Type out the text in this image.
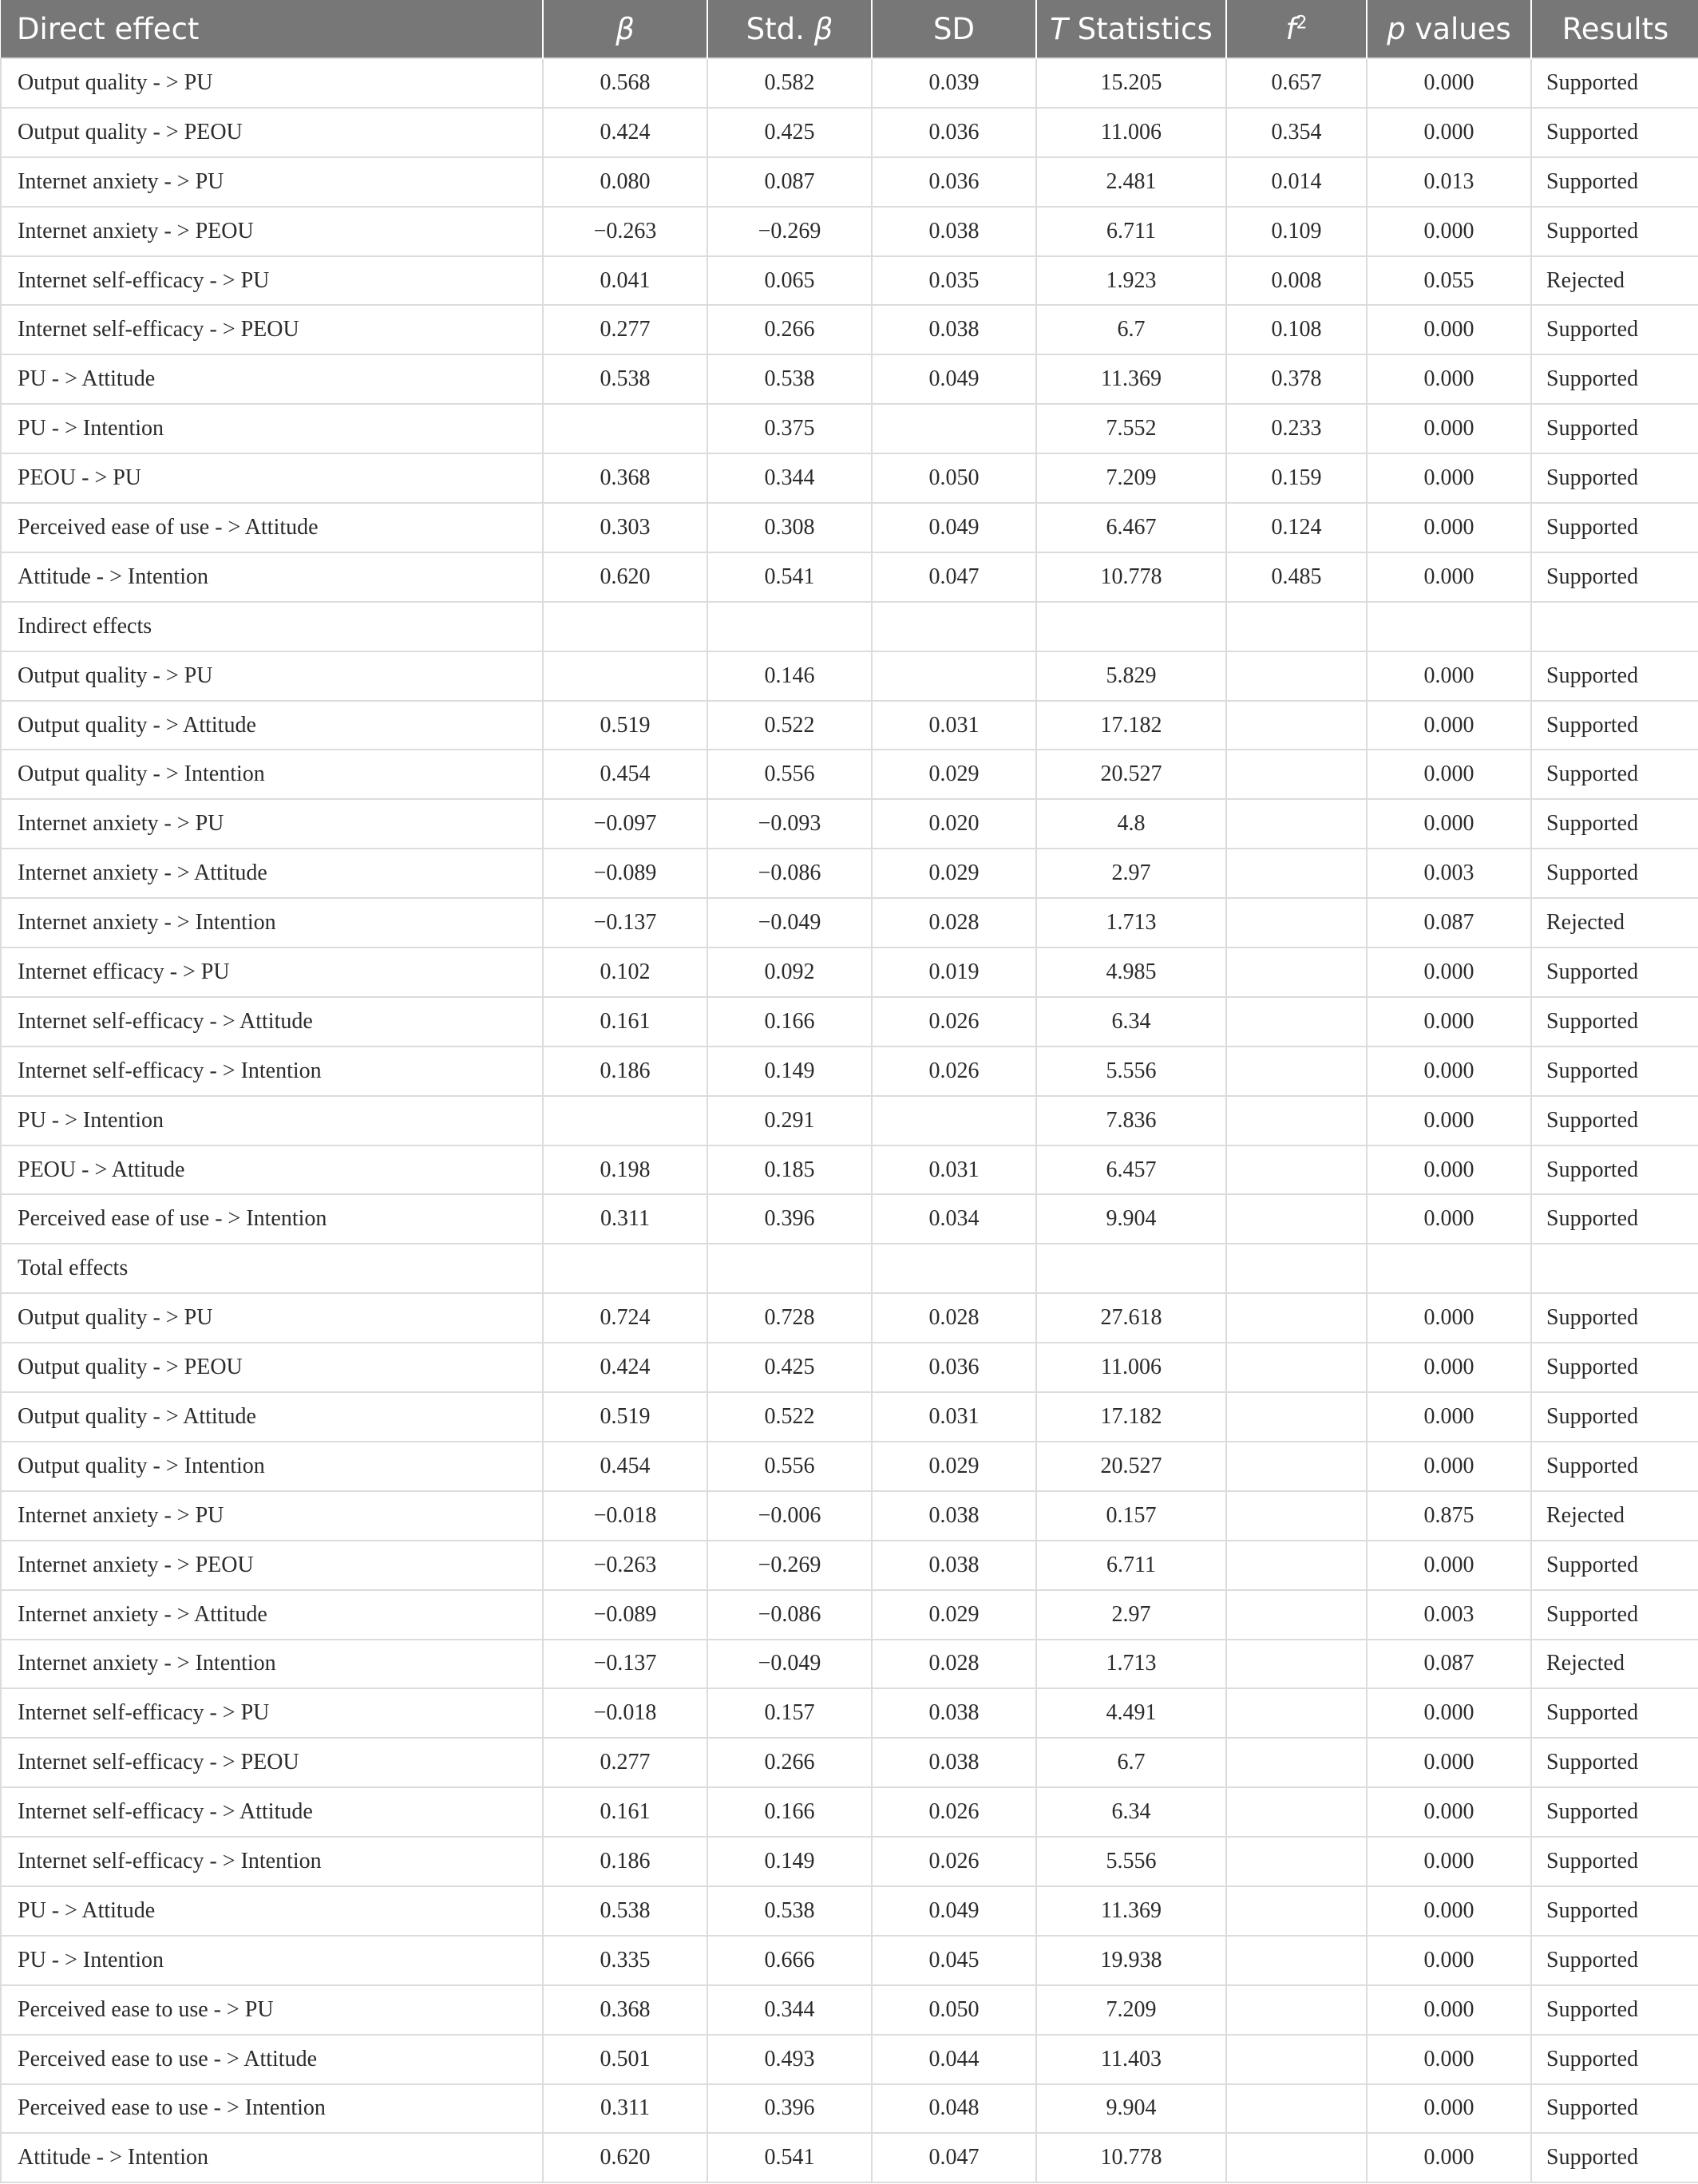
Direct effect	β	Std. β	SD	T Statistics	$f^2$	p values	Results
Output quality - > PU	0.568	0.582	0.039	15.205	0.657	0.000	Supported
Output quality - > PEOU	0.424	0.425	0.036	11.006	0.354	0.000	Supported
Internet anxiety - > PU	0.080	0.087	0.036	2.481	0.014	0.013	Supported
Internet anxiety - > PEOU	−0.263	−0.269	0.038	6.711	0.109	0.000	Supported
Internet self-efficacy - > PU	0.041	0.065	0.035	1.923	0.008	0.055	Rejected
Internet self-efficacy - > PEOU	0.277	0.266	0.038	6.7	0.108	0.000	Supported
PU - > Attitude	0.538	0.538	0.049	11.369	0.378	0.000	Supported
PU - > Intention		0.375		7.552	0.233	0.000	Supported
PEOU - > PU	0.368	0.344	0.050	7.209	0.159	0.000	Supported
Perceived ease of use - > Attitude	0.303	0.308	0.049	6.467	0.124	0.000	Supported
Attitude - > Intention	0.620	0.541	0.047	10.778	0.485	0.000	Supported
Indirect effects							
Output quality - > PU		0.146		5.829		0.000	Supported
Output quality - > Attitude	0.519	0.522	0.031	17.182		0.000	Supported
Output quality - > Intention	0.454	0.556	0.029	20.527		0.000	Supported
Internet anxiety - > PU	−0.097	−0.093	0.020	4.8		0.000	Supported
Internet anxiety - > Attitude	−0.089	−0.086	0.029	2.97		0.003	Supported
Internet anxiety - > Intention	−0.137	−0.049	0.028	1.713		0.087	Rejected
Internet efficacy - > PU	0.102	0.092	0.019	4.985		0.000	Supported
Internet self-efficacy - > Attitude	0.161	0.166	0.026	6.34		0.000	Supported
Internet self-efficacy - > Intention	0.186	0.149	0.026	5.556		0.000	Supported
PU - > Intention		0.291		7.836		0.000	Supported
PEOU - > Attitude	0.198	0.185	0.031	6.457		0.000	Supported
Perceived ease of use - > Intention	0.311	0.396	0.034	9.904		0.000	Supported
Total effects							
Output quality - > PU	0.724	0.728	0.028	27.618		0.000	Supported
Output quality - > PEOU	0.424	0.425	0.036	11.006		0.000	Supported
Output quality - > Attitude	0.519	0.522	0.031	17.182		0.000	Supported
Output quality - > Intention	0.454	0.556	0.029	20.527		0.000	Supported
Internet anxiety - > PU	−0.018	−0.006	0.038	0.157		0.875	Rejected
Internet anxiety - > PEOU	−0.263	−0.269	0.038	6.711		0.000	Supported
Internet anxiety - > Attitude	−0.089	−0.086	0.029	2.97		0.003	Supported
Internet anxiety - > Intention	−0.137	−0.049	0.028	1.713		0.087	Rejected
Internet self-efficacy - > PU	−0.018	0.157	0.038	4.491		0.000	Supported
Internet self-efficacy - > PEOU	0.277	0.266	0.038	6.7		0.000	Supported
Internet self-efficacy - > Attitude	0.161	0.166	0.026	6.34		0.000	Supported
Internet self-efficacy - > Intention	0.186	0.149	0.026	5.556		0.000	Supported
PU - > Attitude	0.538	0.538	0.049	11.369		0.000	Supported
PU - > Intention	0.335	0.666	0.045	19.938		0.000	Supported
Perceived ease to use - > PU	0.368	0.344	0.050	7.209		0.000	Supported
Perceived ease to use - > Attitude	0.501	0.493	0.044	11.403		0.000	Supported
Perceived ease to use - > Intention	0.311	0.396	0.048	9.904		0.000	Supported
Attitude - > Intention	0.620	0.541	0.047	10.778		0.000	Supported
